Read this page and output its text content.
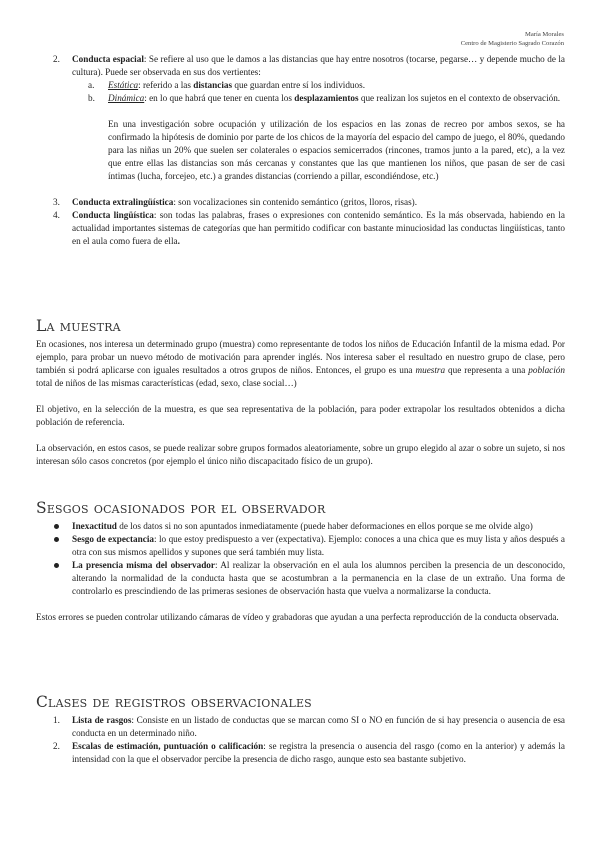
María Morales
Centro de Magisterio Sagrado Corazón
2. Conducta espacial: Se refiere al uso que le damos a las distancias que hay entre nosotros (tocarse, pegarse… y depende mucho de la cultura). Puede ser observada en sus dos vertientes:
a. Estática: referido a las distancias que guardan entre sí los individuos.
b. Dinámica: en lo que habrá que tener en cuenta los desplazamientos que realizan los sujetos en el contexto de observación.

En una investigación sobre ocupación y utilización de los espacios en las zonas de recreo por ambos sexos, se ha confirmado la hipótesis de dominio por parte de los chicos de la mayoría del espacio del campo de juego, el 80%, quedando para las niñas un 20% que suelen ser colaterales o espacios semicerrados (rincones, tramos junto a la pared, etc), a la vez que entre ellas las distancias son más cercanas y constantes que las que mantienen los niños, que pasan de ser de casi íntimas (lucha, forcejeo, etc.) a grandes distancias (corriendo a pillar, escondiéndose, etc.)

3. Conducta extralingüística: son vocalizaciones sin contenido semántico (gritos, lloros, risas).
4. Conducta lingüística: son todas las palabras, frases o expresiones con contenido semántico. Es la más observada, habiendo en la actualidad importantes sistemas de categorías que han permitido codificar con bastante minuciosidad las conductas lingüísticas, tanto en el aula como fuera de ella.
La muestra

En ocasiones, nos interesa un determinado grupo (muestra) como representante de todos los niños de Educación Infantil de la misma edad. Por ejemplo, para probar un nuevo método de motivación para aprender inglés. Nos interesa saber el resultado en nuestro grupo de clase, pero también si podrá aplicarse con iguales resultados a otros grupos de niños. Entonces, el grupo es una muestra que representa a una población total de niños de las mismas características (edad, sexo, clase social…)

El objetivo, en la selección de la muestra, es que sea representativa de la población, para poder extrapolar los resultados obtenidos a dicha población de referencia.

La observación, en estos casos, se puede realizar sobre grupos formados aleatoriamente, sobre un grupo elegido al azar o sobre un sujeto, si nos interesan sólo casos concretos (por ejemplo el único niño discapacitado físico de un grupo).

Sesgos ocasionados por el observador
Inexactitud de los datos si no son apuntados inmediatamente (puede haber deformaciones en ellos porque se me olvide algo)
Sesgo de expectancia: lo que estoy predispuesto a ver (expectativa). Ejemplo: conoces a una chica que es muy lista y años después a otra con sus mismos apellidos y supones que será también muy lista.
La presencia misma del observador: Al realizar la observación en el aula los alumnos perciben la presencia de un desconocido, alterando la normalidad de la conducta hasta que se acostumbran a la permanencia en la clase de un extraño. Una forma de controlarlo es prescindiendo de las primeras sesiones de observación hasta que vuelva a normalizarse la conducta.

Estos errores se pueden controlar utilizando cámaras de vídeo y grabadoras que ayudan a una perfecta reproducción de la conducta observada.

Clases de registros observacionales
1. Lista de rasgos: Consiste en un listado de conductas que se marcan como SI o NO en función de si hay presencia o ausencia de esa conducta en un determinado niño.
2. Escalas de estimación, puntuación o calificación: se registra la presencia o ausencia del rasgo (como en la anterior) y además la intensidad con la que el observador percibe la presencia de dicho rasgo, aunque esto sea bastante subjetivo.
